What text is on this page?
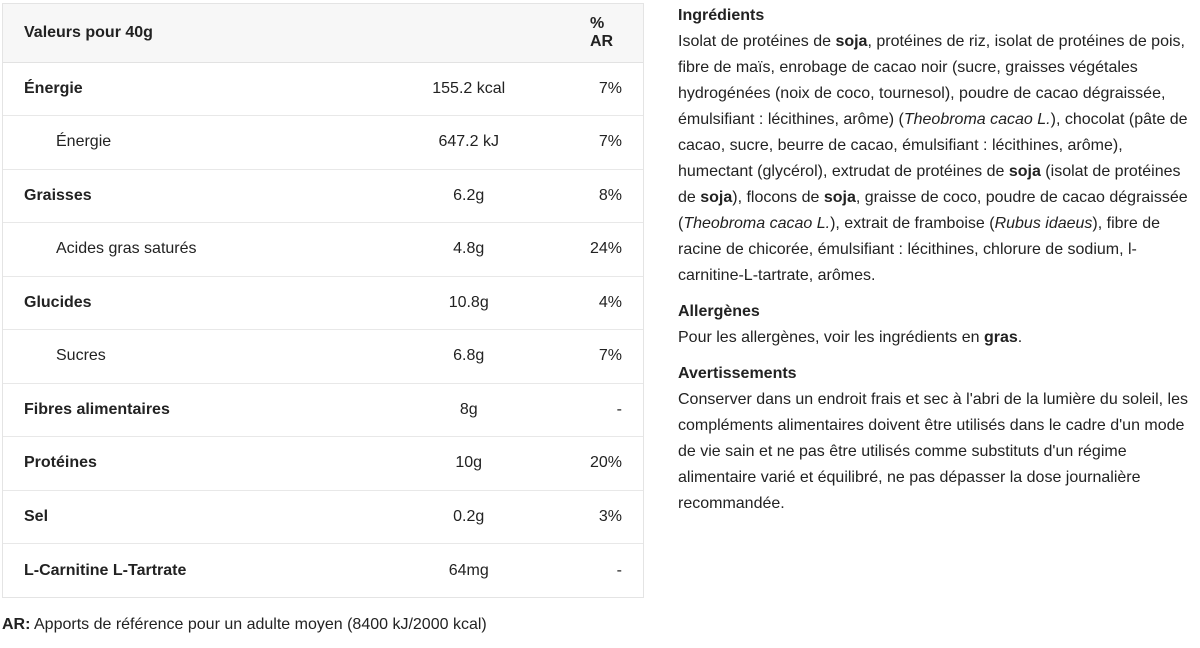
Valeurs pour 40g		% AR
Énergie	155.2 kcal	7%
Énergie	647.2 kJ	7%
Graisses	6.2g	8%
Acides gras saturés	4.8g	24%
Glucides	10.8g	4%
Sucres	6.8g	7%
Fibres alimentaires	8g	-
Protéines	10g	20%
Sel	0.2g	3%
L-Carnitine L-Tartrate	64mg	-
AR: Apports de référence pour un adulte moyen (8400 kJ/2000 kcal)
Ingrédients

Isolat de protéines de soja, protéines de riz, isolat de protéines de pois, fibre de maïs, enrobage de cacao noir (sucre, graisses végétales hydrogénées (noix de coco, tournesol), poudre de cacao dégraissée, émulsifiant : lécithines, arôme) (Theobroma cacao L.), chocolat (pâte de cacao, sucre, beurre de cacao, émulsifiant : lécithines, arôme), humectant (glycérol), extrudat de protéines de soja (isolat de protéines de soja), flocons de soja, graisse de coco, poudre de cacao dégraissée (Theobroma cacao L.), extrait de framboise (Rubus idaeus), fibre de racine de chicorée, émulsifiant : lécithines, chlorure de sodium, l-carnitine-L-tartrate, arômes.

Allergènes

Pour les allergènes, voir les ingrédients en gras.

Avertissements

Conserver dans un endroit frais et sec à l'abri de la lumière du soleil, les compléments alimentaires doivent être utilisés dans le cadre d'un mode de vie sain et ne pas être utilisés comme substituts d'un régime alimentaire varié et équilibré, ne pas dépasser la dose journalière recommandée.
